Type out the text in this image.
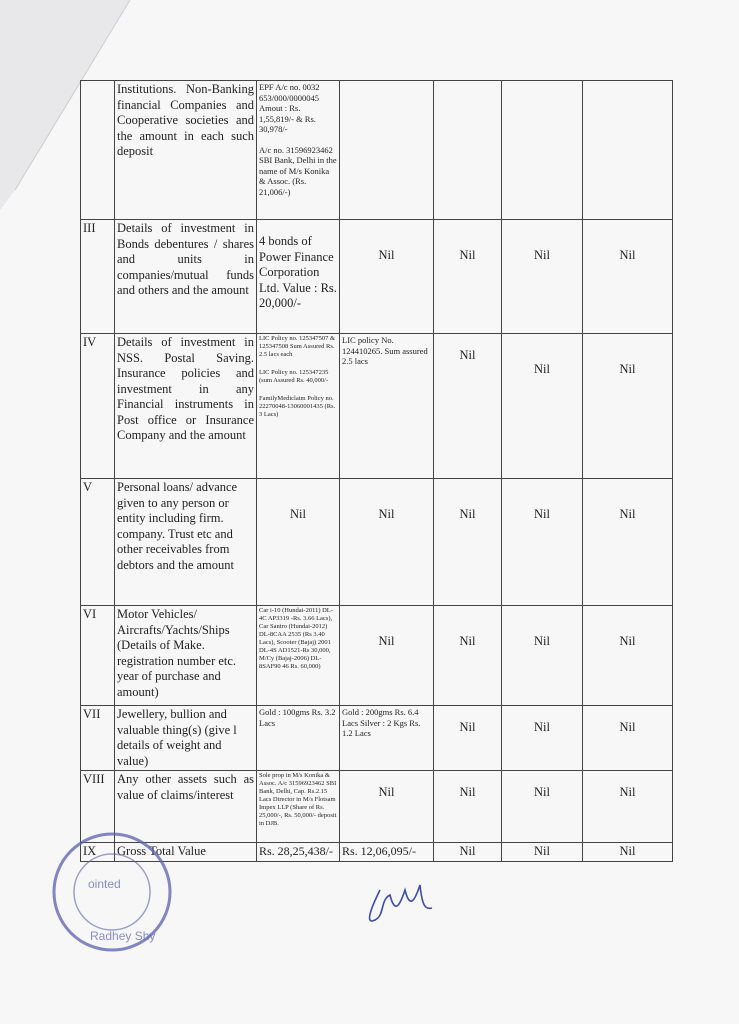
	Institutions. Non-Banking financial Companies and Cooperative societies and the amount in each such deposit	EPF A/c no. 0032 653/000/0000045 Amout : Rs. 1,55,819/- & Rs. 30,978/-
A/c no. 31596923462 SBI Bank, Delhi in the name of M/s Konika & Assoc. (Rs. 21,006/-)				
III	Details of investment in Bonds debentures / shares and units in companies/mutual funds and others and the amount	4 bonds of Power Finance Corporation Ltd. Value : Rs. 20,000/-	Nil	Nil	Nil	Nil
IV	Details of investment in NSS. Postal Saving. Insurance policies and investment in any Financial instruments in Post office or Insurance Company and the amount	LIC Policy no. 125347507 & 125347508 Sum Assured Rs. 2.5 lacs each
LIC Policy no. 125347235 (sum Assured Rs. 40,000/-
FamilyMediclaim Policy no. 22270048-13060001435 (Rs. 3 Lacs)	LIC policy No. 124410265. Sum assured 2.5 lacs	Nil	Nil	Nil
V	Personal loans/ advance given to any person or entity including firm. company. Trust etc and other receivables from debtors and the amount	Nil	Nil	Nil	Nil	Nil
VI	Motor Vehicles/ Aircrafts/Yachts/Ships (Details of Make. registration number etc. year of purchase and amount)	Car i-10 (Hundai-2011) DL-4C AP3319 -Rs. 3.66 Lacs), Car Santro (Hundai-2012) DL-8CAA 2535 (Rs 3.40 Lacs), Scooter (Bajaj) 2001 DL-4S AD1521-Rs 30,000, M/Cy (Bajaj-2006) DL-8SAF90 46 Rs. 60,000)	Nil	Nil	Nil	Nil
VII	Jewellery, bullion and valuable thing(s) (give l details of weight and value)	Gold : 100gms Rs. 3.2 Lacs	Gold : 200gms Rs. 6.4 Lacs Silver : 2 Kgs Rs. 1.2 Lacs	Nil	Nil	Nil
VIII	Any other assets such as value of claims/interest	Sole prop in M/s Konika & Assoc. A/c 31596923462 SBI Bank, Delhi, Cap. Rs.2.15 Lacs Director in M/s Flotsam Impex LLP (Share of Rs. 25,000/-, Rs. 50,000/- deposit in DJB.	Nil	Nil	Nil	Nil
IX	Gross Total Value	Rs. 28,25,438/-	Rs. 12,06,095/-	Nil	Nil	Nil
ointed
Radhey Shy
